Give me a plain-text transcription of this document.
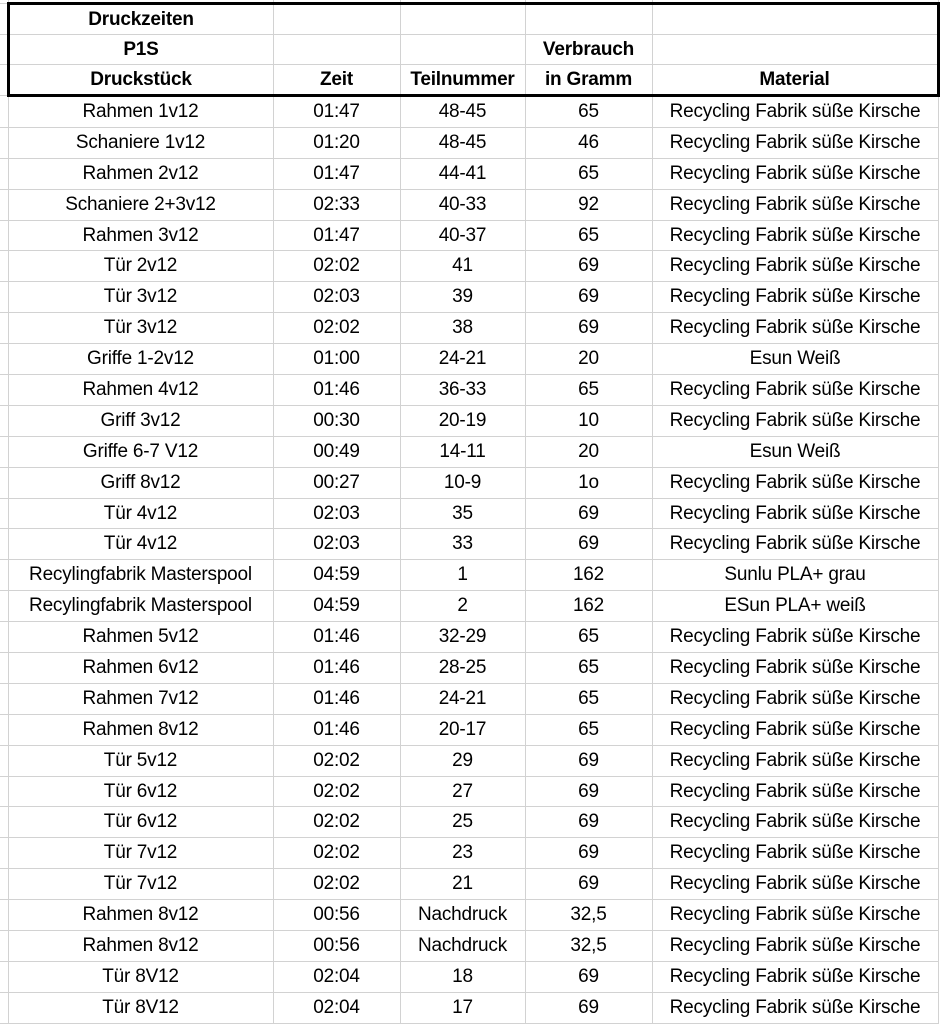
	Druckzeiten				
	P1S			Verbrauch	
	Druckstück	Zeit	Teilnummer	in Gramm	Material
	Rahmen 1v12	01:47	48-45	65	Recycling Fabrik süße Kirsche
	Schaniere 1v12	01:20	48-45	46	Recycling Fabrik süße Kirsche
	Rahmen 2v12	01:47	44-41	65	Recycling Fabrik süße Kirsche
	Schaniere 2+3v12	02:33	40-33	92	Recycling Fabrik süße Kirsche
	Rahmen 3v12	01:47	40-37	65	Recycling Fabrik süße Kirsche
	Tür 2v12	02:02	41	69	Recycling Fabrik süße Kirsche
	Tür 3v12	02:03	39	69	Recycling Fabrik süße Kirsche
	Tür 3v12	02:02	38	69	Recycling Fabrik süße Kirsche
	Griffe 1-2v12	01:00	24-21	20	Esun Weiß
	Rahmen 4v12	01:46	36-33	65	Recycling Fabrik süße Kirsche
	Griff 3v12	00:30	20-19	10	Recycling Fabrik süße Kirsche
	Griffe 6-7 V12	00:49	14-11	20	Esun Weiß
	Griff 8v12	00:27	10-9	1o	Recycling Fabrik süße Kirsche
	Tür 4v12	02:03	35	69	Recycling Fabrik süße Kirsche
	Tür 4v12	02:03	33	69	Recycling Fabrik süße Kirsche
	Recylingfabrik Masterspool	04:59	1	162	Sunlu PLA+ grau
	Recylingfabrik Masterspool	04:59	2	162	ESun PLA+ weiß
	Rahmen 5v12	01:46	32-29	65	Recycling Fabrik süße Kirsche
	Rahmen 6v12	01:46	28-25	65	Recycling Fabrik süße Kirsche
	Rahmen 7v12	01:46	24-21	65	Recycling Fabrik süße Kirsche
	Rahmen 8v12	01:46	20-17	65	Recycling Fabrik süße Kirsche
	Tür 5v12	02:02	29	69	Recycling Fabrik süße Kirsche
	Tür 6v12	02:02	27	69	Recycling Fabrik süße Kirsche
	Tür 6v12	02:02	25	69	Recycling Fabrik süße Kirsche
	Tür 7v12	02:02	23	69	Recycling Fabrik süße Kirsche
	Tür 7v12	02:02	21	69	Recycling Fabrik süße Kirsche
	Rahmen 8v12	00:56	Nachdruck	32,5	Recycling Fabrik süße Kirsche
	Rahmen 8v12	00:56	Nachdruck	32,5	Recycling Fabrik süße Kirsche
	Tür 8V12	02:04	18	69	Recycling Fabrik süße Kirsche
	Tür 8V12	02:04	17	69	Recycling Fabrik süße Kirsche
